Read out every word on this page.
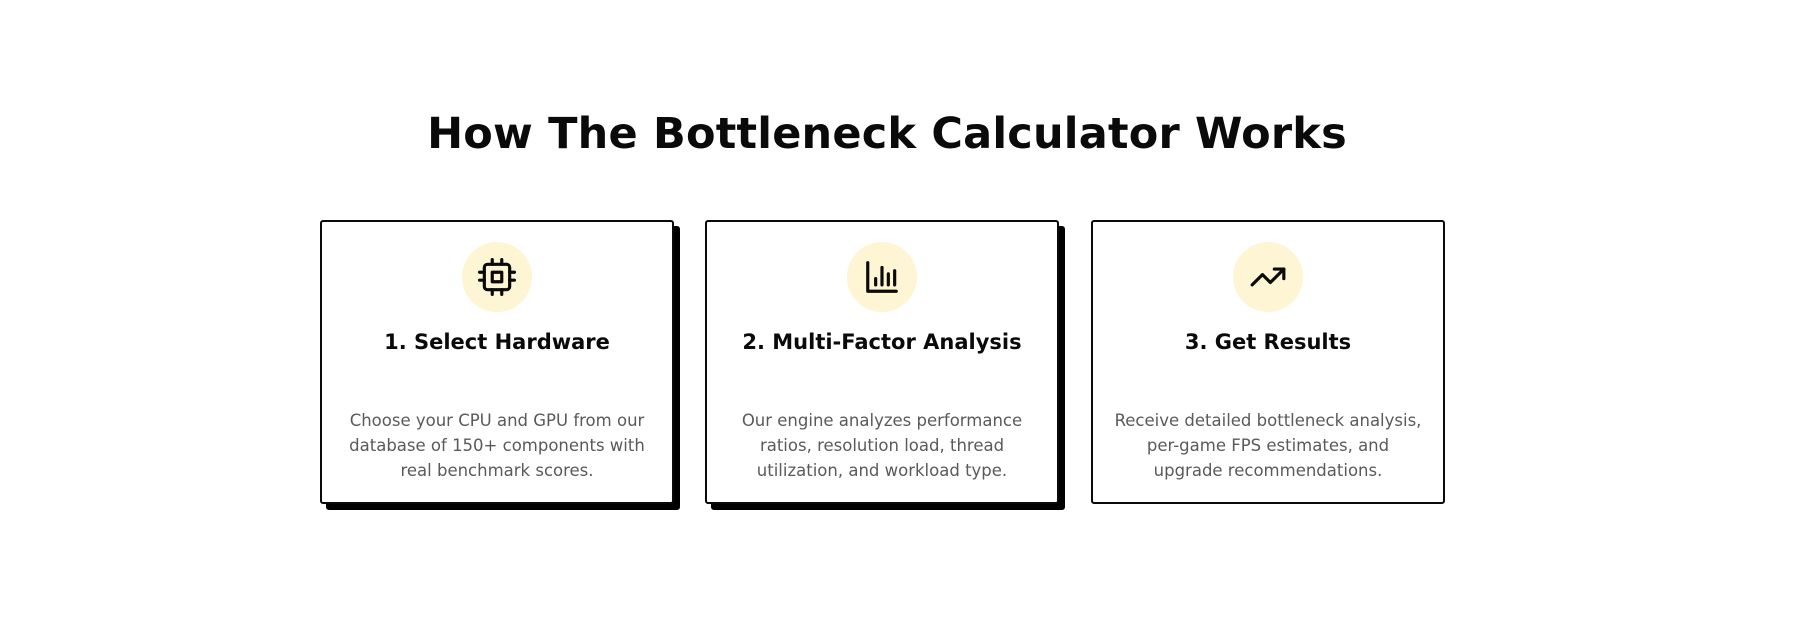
How The Bottleneck Calculator Works
1. Select Hardware

Choose your CPU and GPU from our database of 150+ components with real benchmark scores.

2. Multi-Factor Analysis

Our engine analyzes performance ratios, resolution load, thread utilization, and workload type.

3. Get Results

Receive detailed bottleneck analysis, per-game FPS estimates, and upgrade recommendations.
